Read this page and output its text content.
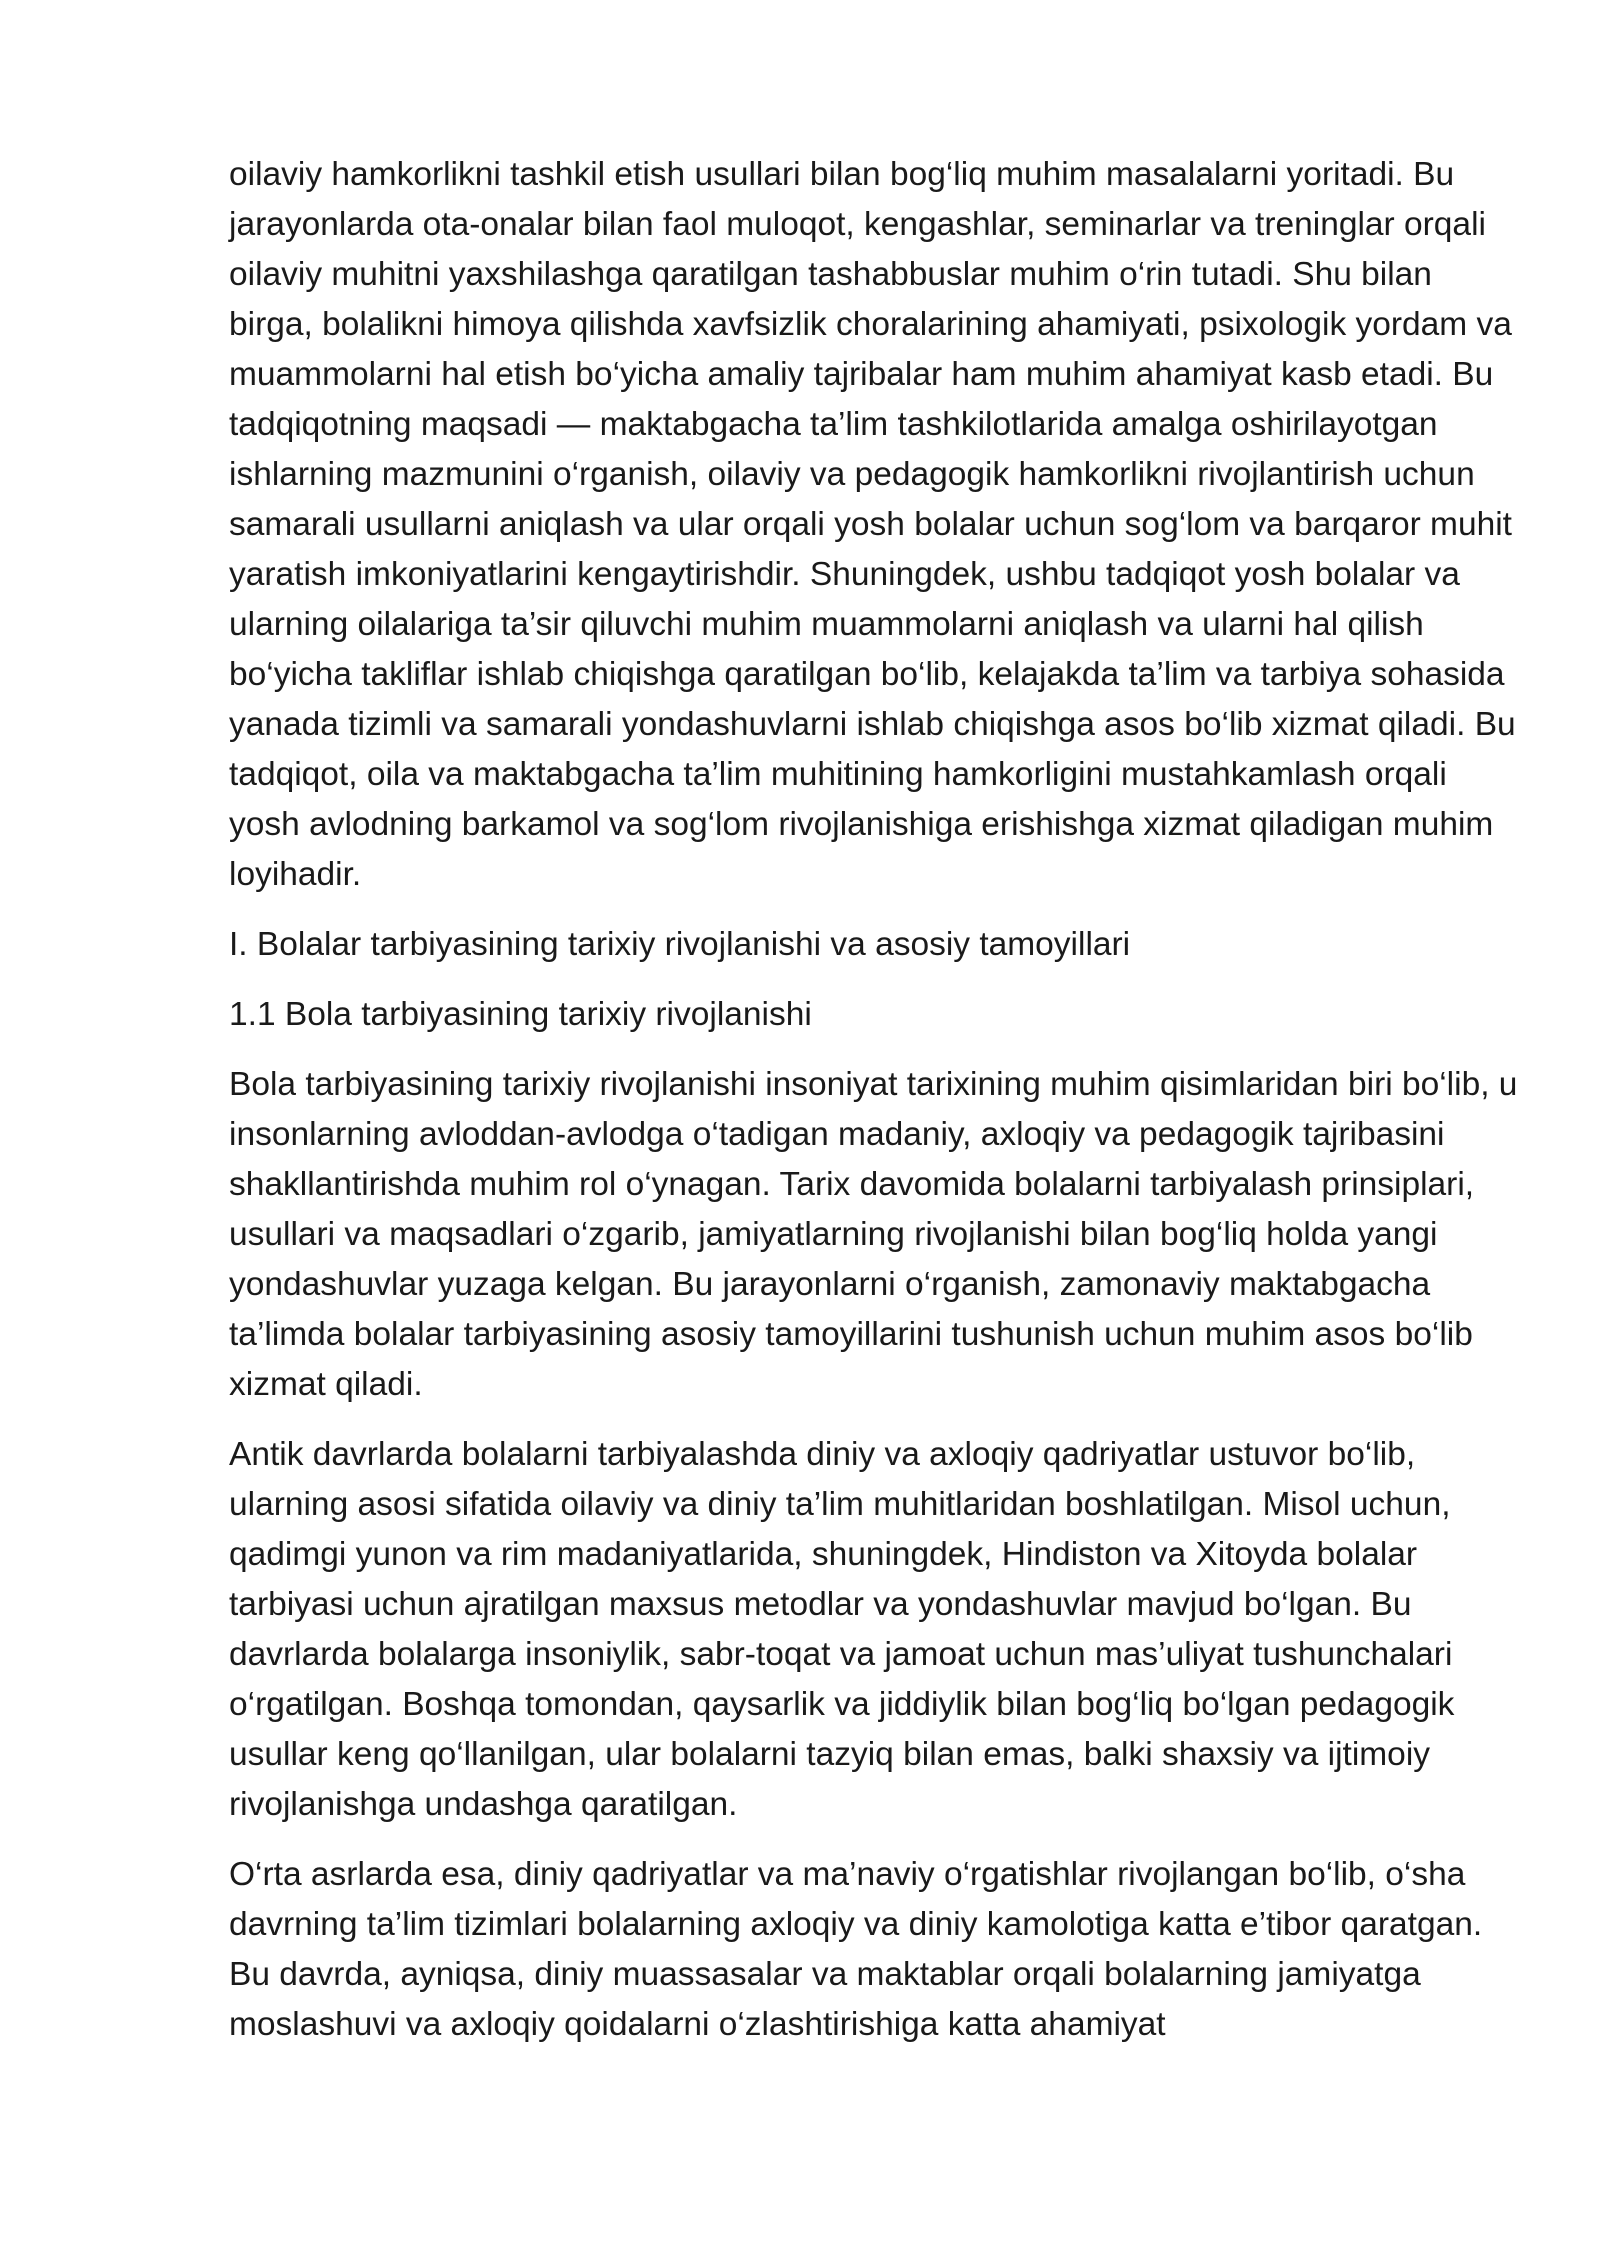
oilaviy hamkorlikni tashkil etish usullari bilan bog‘liq muhim masalalarni yoritadi. Bu jarayonlarda ota-onalar bilan faol muloqot, kengashlar, seminarlar va treninglar orqali oilaviy muhitni yaxshilashga qaratilgan tashabbuslar muhim o‘rin tutadi. Shu bilan birga, bolalikni himoya qilishda xavfsizlik choralarining ahamiyati, psixologik yordam va muammolarni hal etish bo‘yicha amaliy tajribalar ham muhim ahamiyat kasb etadi. Bu tadqiqotning maqsadi — maktabgacha ta’lim tashkilotlarida amalga oshirilayotgan ishlarning mazmunini o‘rganish, oilaviy va pedagogik hamkorlikni rivojlantirish uchun samarali usullarni aniqlash va ular orqali yosh bolalar uchun sog‘lom va barqaror muhit yaratish imkoniyatlarini kengaytirishdir. Shuningdek, ushbu tadqiqot yosh bolalar va ularning oilalariga ta’sir qiluvchi muhim muammolarni aniqlash va ularni hal qilish bo‘yicha takliflar ishlab chiqishga qaratilgan bo‘lib, kelajakda ta’lim va tarbiya sohasida yanada tizimli va samarali yondashuvlarni ishlab chiqishga asos bo‘lib xizmat qiladi. Bu tadqiqot, oila va maktabgacha ta’lim muhitining hamkorligini mustahkamlash orqali yosh avlodning barkamol va sog‘lom rivojlanishiga erishishga xizmat qiladigan muhim loyihadir.

I. Bolalar tarbiyasining tarixiy rivojlanishi va asosiy tamoyillari

1.1 Bola tarbiyasining tarixiy rivojlanishi

Bola tarbiyasining tarixiy rivojlanishi insoniyat tarixining muhim qisimlaridan biri bo‘lib, u insonlarning avloddan-avlodga o‘tadigan madaniy, axloqiy va pedagogik tajribasini shakllantirishda muhim rol o‘ynagan. Tarix davomida bolalarni tarbiyalash prinsiplari, usullari va maqsadlari o‘zgarib, jamiyatlarning rivojlanishi bilan bog‘liq holda yangi yondashuvlar yuzaga kelgan. Bu jarayonlarni o‘rganish, zamonaviy maktabgacha ta’limda bolalar tarbiyasining asosiy tamoyillarini tushunish uchun muhim asos bo‘lib xizmat qiladi.

Antik davrlarda bolalarni tarbiyalashda diniy va axloqiy qadriyatlar ustuvor bo‘lib, ularning asosi sifatida oilaviy va diniy ta’lim muhitlaridan boshlatilgan. Misol uchun, qadimgi yunon va rim madaniyatlarida, shuningdek, Hindiston va Xitoyda bolalar tarbiyasi uchun ajratilgan maxsus metodlar va yondashuvlar mavjud bo‘lgan. Bu davrlarda bolalarga insoniylik, sabr-toqat va jamoat uchun mas’uliyat tushunchalari o‘rgatilgan. Boshqa tomondan, qaysarlik va jiddiylik bilan bog‘liq bo‘lgan pedagogik usullar keng qo‘llanilgan, ular bolalarni tazyiq bilan emas, balki shaxsiy va ijtimoiy rivojlanishga undashga qaratilgan.

O‘rta asrlarda esa, diniy qadriyatlar va ma’naviy o‘rgatishlar rivojlangan bo‘lib, o‘sha davrning ta’lim tizimlari bolalarning axloqiy va diniy kamolotiga katta e’tibor qaratgan. Bu davrda, ayniqsa, diniy muassasalar va maktablar orqali bolalarning jamiyatga moslashuvi va axloqiy qoidalarni o‘zlashtirishiga katta ahamiyat
